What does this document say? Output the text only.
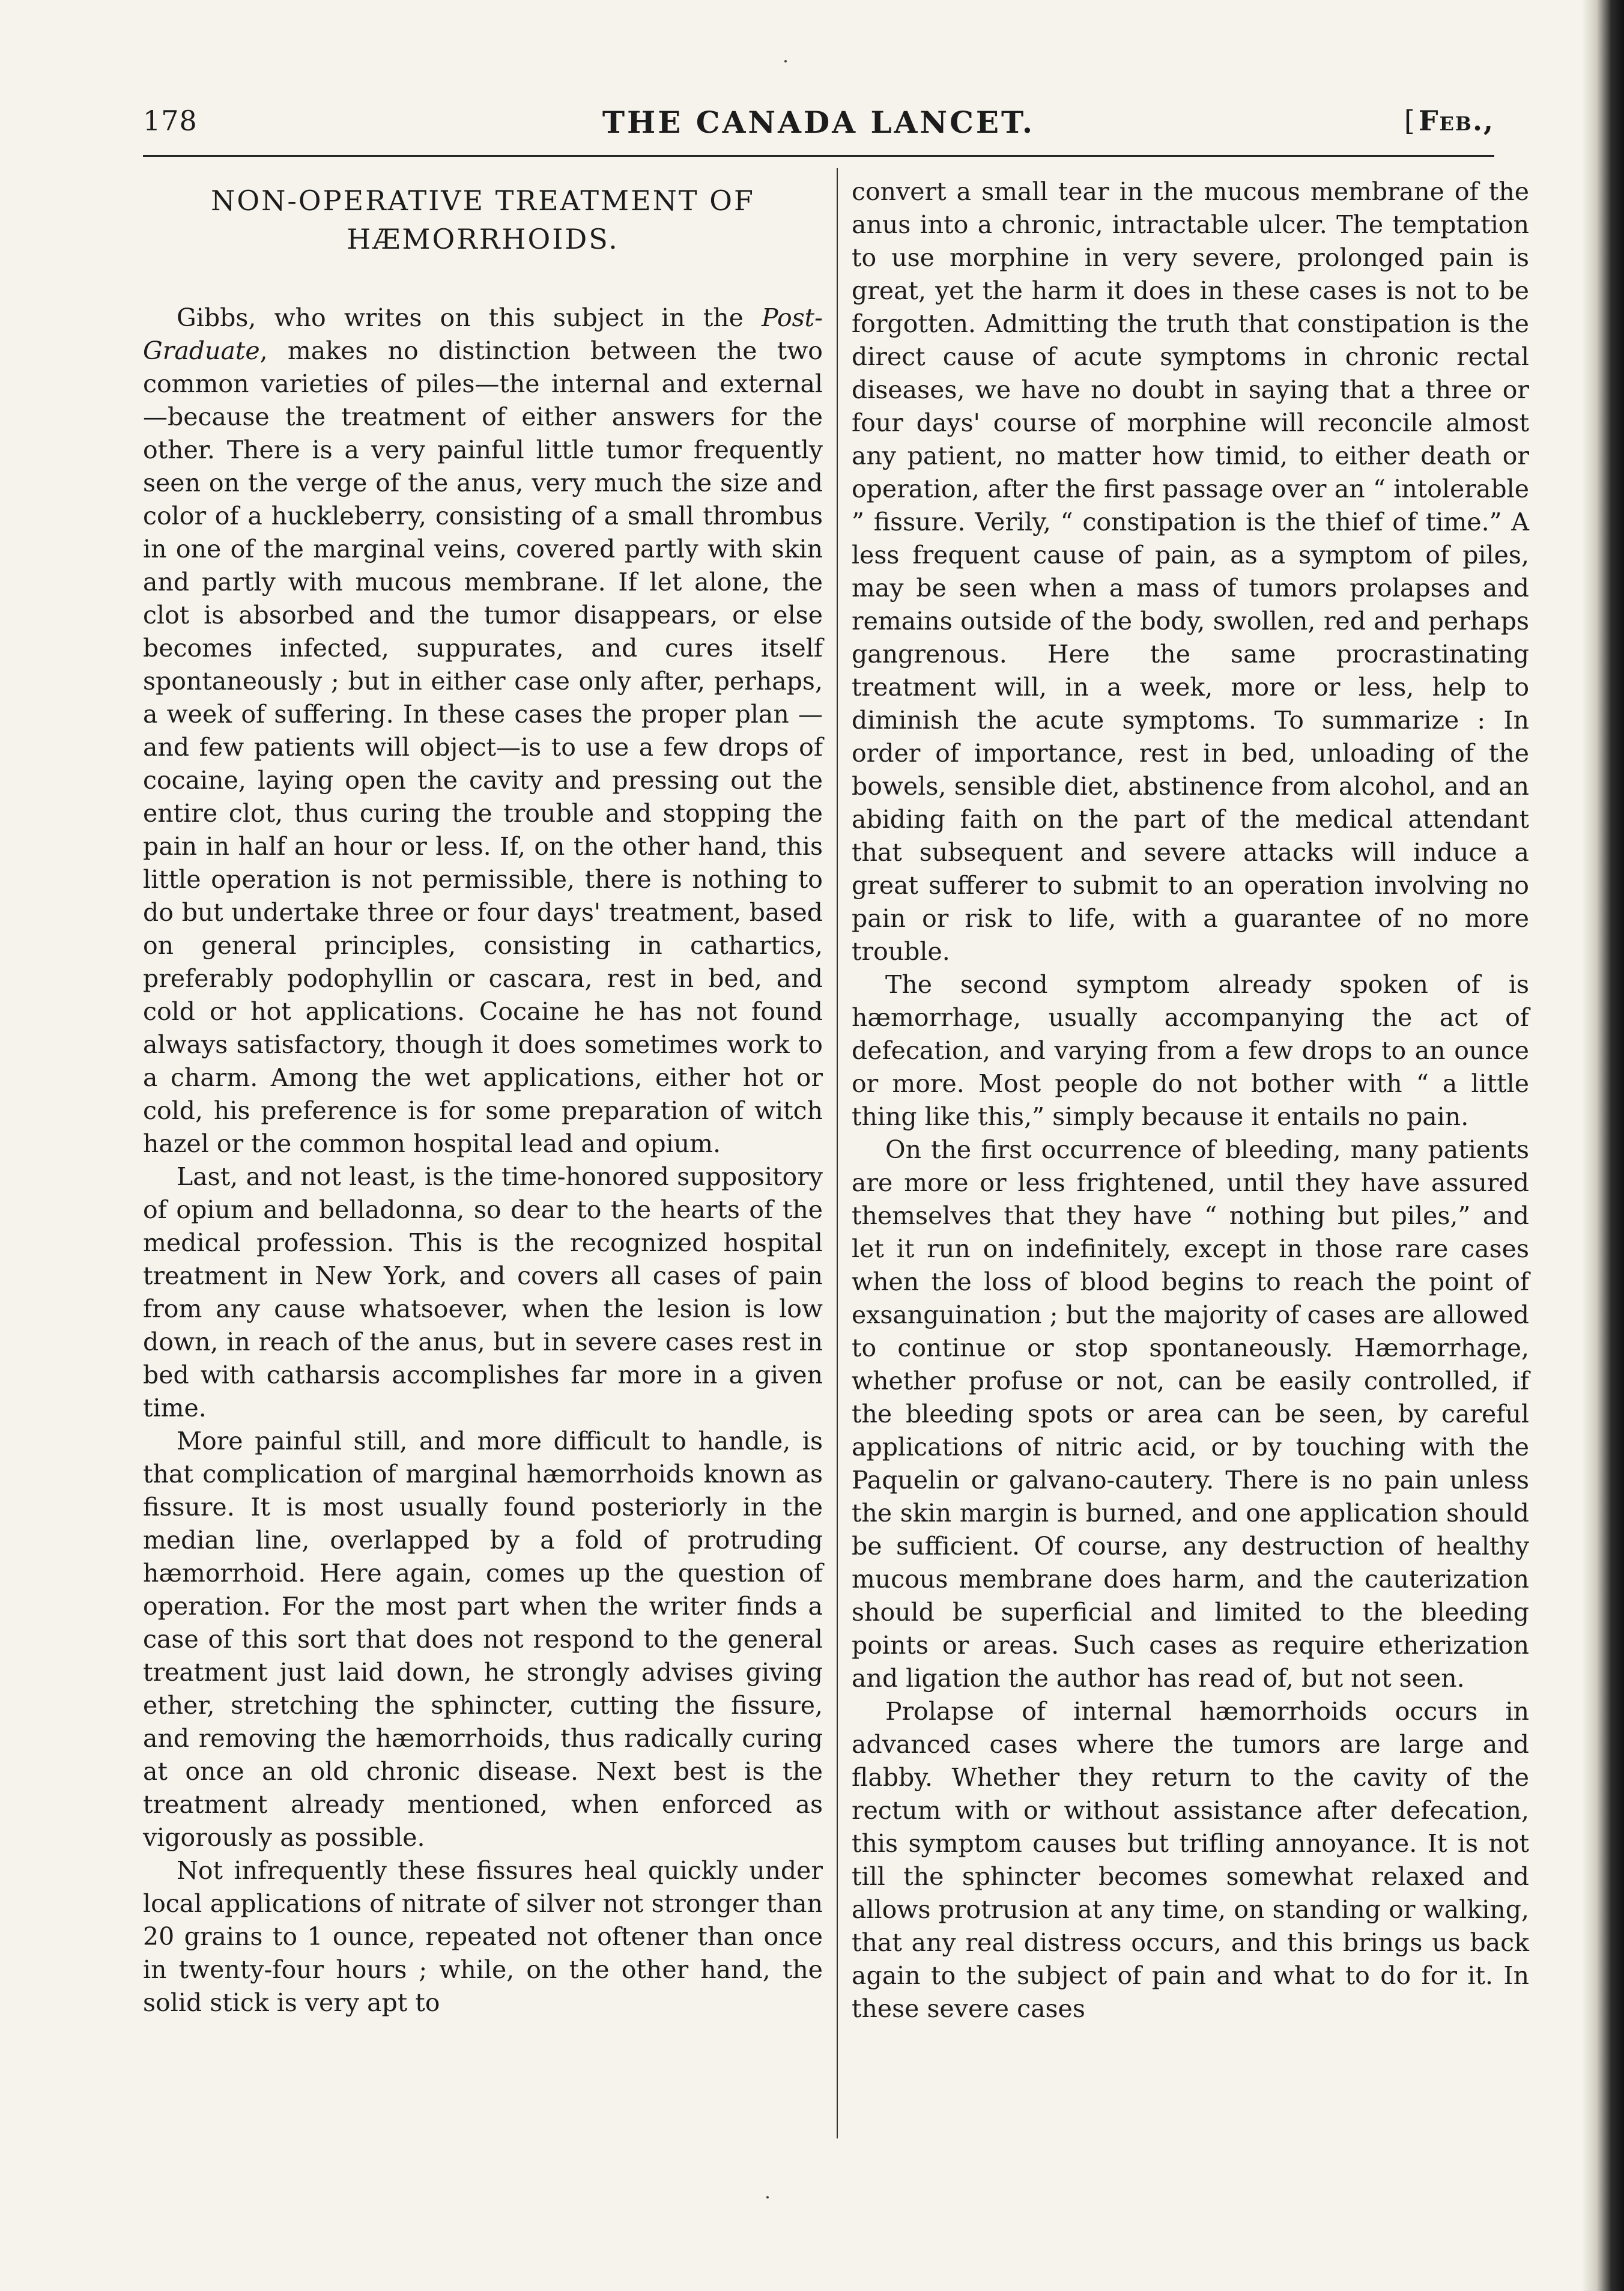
178	THE CANADA LANCET.
[	Feb.,
NON-OPERATIVE TREATMENT OF
HÆMORRHOIDS.

Gibbs, who writes on this subject in the Post-Graduate, makes no distinction between the two common varieties of piles—the internal and external—because the treatment of either answers for the other. There is a very painful little tumor frequently seen on the verge of the anus, very much the size and color of a huckleberry, consisting of a small thrombus in one of the marginal veins, covered partly with skin and partly with mucous membrane. If let alone, the clot is absorbed and the tumor disappears, or else becomes infected, suppurates, and cures itself spontaneously ; but in either case only after, perhaps, a week of suffering. In these cases the proper plan —and few patients will object—is to use a few drops of cocaine, laying open the cavity and pressing out the entire clot, thus curing the trouble and stopping the pain in half an hour or less. If, on the other hand, this little operation is not permissible, there is nothing to do but undertake three or four days' treatment, based on general principles, consisting in cathartics, preferably podophyllin or cascara, rest in bed, and cold or hot applications. Cocaine he has not found always satisfactory, though it does sometimes work to a charm. Among the wet applications, either hot or cold, his preference is for some preparation of witch hazel or the common hospital lead and opium.

Last, and not least, is the time-honored suppository of opium and belladonna, so dear to the hearts of the medical profession. This is the recognized hospital treatment in New York, and covers all cases of pain from any cause whatsoever, when the lesion is low down, in reach of the anus, but in severe cases rest in bed with catharsis accomplishes far more in a given time.

More painful still, and more difficult to handle, is that complication of marginal hæmorrhoids known as fissure. It is most usually found posteriorly in the median line, overlapped by a fold of protruding hæmorrhoid. Here again, comes up the question of operation. For the most part when the writer finds a case of this sort that does not respond to the general treatment just laid down, he strongly advises giving ether, stretching the sphincter, cutting the fissure, and removing the hæmorrhoids, thus radically curing at once an old chronic disease. Next best is the treatment already mentioned, when enforced as vigorously as possible.

Not infrequently these fissures heal quickly under local applications of nitrate of silver not stronger than 20 grains to 1 ounce, repeated not oftener than once in twenty-four hours ; while, on the other hand, the solid stick is very apt to

convert a small tear in the mucous membrane of the anus into a chronic, intractable ulcer. The temptation to use morphine in very severe, prolonged pain is great, yet the harm it does in these cases is not to be forgotten. Admitting the truth that constipation is the direct cause of acute symptoms in chronic rectal diseases, we have no doubt in saying that a three or four days' course of morphine will reconcile almost any patient, no matter how timid, to either death or operation, after the first passage over an “ intolerable ” fissure. Verily, “ constipation is the thief of time.” A less frequent cause of pain, as a symptom of piles, may be seen when a mass of tumors prolapses and remains outside of the body, swollen, red and perhaps gangrenous. Here the same procrastinating treatment will, in a week, more or less, help to diminish the acute symptoms. To summarize : In order of importance, rest in bed, unloading of the bowels, sensible diet, abstinence from alcohol, and an abiding faith on the part of the medical attendant that subsequent and severe attacks will induce a great sufferer to submit to an operation involving no pain or risk to life, with a guarantee of no more trouble.

The second symptom already spoken of is hæmorrhage, usually accompanying the act of defecation, and varying from a few drops to an ounce or more. Most people do not bother with “ a little thing like this,” simply because it entails no pain.

On the first occurrence of bleeding, many patients are more or less frightened, until they have assured themselves that they have “ nothing but piles,” and let it run on indefinitely, except in those rare cases when the loss of blood begins to reach the point of exsanguination ; but the majority of cases are allowed to continue or stop spontaneously. Hæmorrhage, whether profuse or not, can be easily controlled, if the bleeding spots or area can be seen, by careful applications of nitric acid, or by touching with the Paquelin or galvano-cautery. There is no pain unless the skin margin is burned, and one application should be sufficient. Of course, any destruction of healthy mucous membrane does harm, and the cauterization should be superficial and limited to the bleeding points or areas. Such cases as require etherization and ligation the author has read of, but not seen.

Prolapse of internal hæmorrhoids occurs in advanced cases where the tumors are large and flabby. Whether they return to the cavity of the rectum with or without assistance after defecation, this symptom causes but trifling annoyance. It is not till the sphincter becomes somewhat relaxed and allows protrusion at any time, on standing or walking, that any real distress occurs, and this brings us back again to the subject of pain and what to do for it. In these severe cases
